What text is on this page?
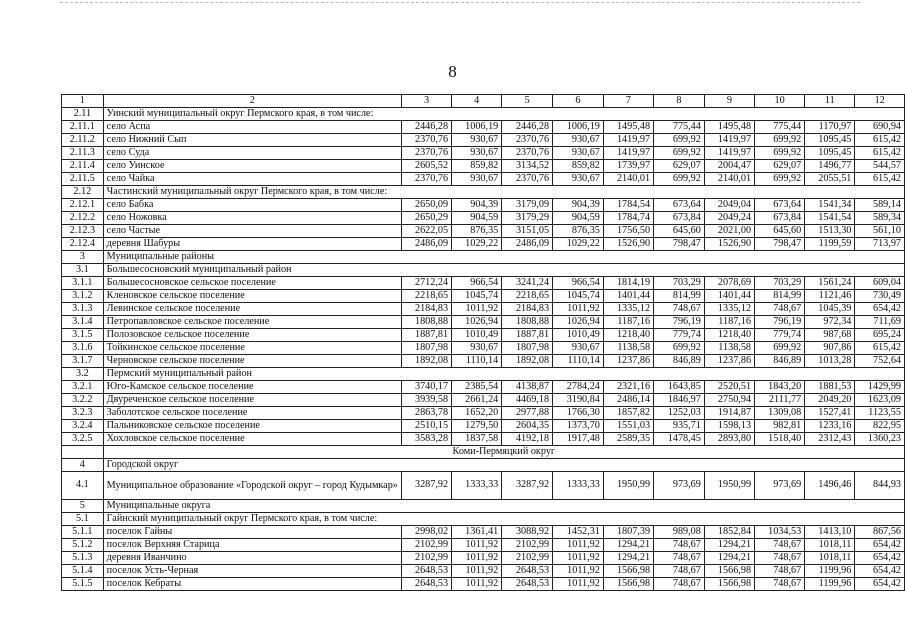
8
1	2	3	4	5	6	7	8	9	10	11	12
2.11	Уинский муниципальный округ Пермского края, в том числе:										
2.11.1	село Аспа	2446,28	1006,19	2446,28	1006,19	1495,48	775,44	1495,48	775,44	1170,97	690,94
2.11.2	село Нижний Сып	2370,76	930,67	2370,76	930,67	1419,97	699,92	1419,97	699,92	1095,45	615,42
2.11.3	село Суда	2370,76	930,67	2370,76	930,67	1419,97	699,92	1419,97	699,92	1095,45	615,42
2.11.4	село Уинское	2605,52	859,82	3134,52	859,82	1739,97	629,07	2004,47	629,07	1496,77	544,57
2.11.5	село Чайка	2370,76	930,67	2370,76	930,67	2140,01	699,92	2140,01	699,92	2055,51	615,42
2.12	Частинский муниципальный округ Пермского края, в том числе:										
2.12.1	село Бабка	2650,09	904,39	3179,09	904,39	1784,54	673,64	2049,04	673,64	1541,34	589,14
2.12.2	село Ножовка	2650,29	904,59	3179,29	904,59	1784,74	673,84	2049,24	673,84	1541,54	589,34
2.12.3	село Частые	2622,05	876,35	3151,05	876,35	1756,50	645,60	2021,00	645,60	1513,30	561,10
2.12.4	деревня Шабуры	2486,09	1029,22	2486,09	1029,22	1526,90	798,47	1526,90	798,47	1199,59	713,97
3	Муниципальные районы										
3.1	Большесосновский муниципальный район										
3.1.1	Большесосновское сельское поселение	2712,24	966,54	3241,24	966,54	1814,19	703,29	2078,69	703,29	1561,24	609,04
3.1.2	Кленовское сельское поселение	2218,65	1045,74	2218,65	1045,74	1401,44	814,99	1401,44	814,99	1121,46	730,49
3.1.3	Левинское сельское поселение	2184,83	1011,92	2184,83	1011,92	1335,12	748,67	1335,12	748,67	1045,39	654,42
3.1.4	Петропавловское сельское поселение	1808,88	1026,94	1808,88	1026,94	1187,16	796,19	1187,16	796,19	972,34	711,69
3.1.5	Полозовское сельское поселение	1887,81	1010,49	1887,81	1010,49	1218,40	779,74	1218,40	779,74	987,68	695,24
3.1.6	Тойкинское сельское поселение	1807,98	930,67	1807,98	930,67	1138,58	699,92	1138,58	699,92	907,86	615,42
3.1.7	Черновское сельское поселение	1892,08	1110,14	1892,08	1110,14	1237,86	846,89	1237,86	846,89	1013,28	752,64
3.2	Пермский муниципальный район										
3.2.1	Юго-Камское сельское поселение	3740,17	2385,54	4138,87	2784,24	2321,16	1643,85	2520,51	1843,20	1881,53	1429,99
3.2.2	Двуреченское сельское поселение	3939,58	2661,24	4469,18	3190,84	2486,14	1846,97	2750,94	2111,77	2049,20	1623,09
3.2.3	Заболотское сельское поселение	2863,78	1652,20	2977,88	1766,30	1857,82	1252,03	1914,87	1309,08	1527,41	1123,55
3.2.4	Пальниковское сельское поселение	2510,15	1279,50	2604,35	1373,70	1551,03	935,71	1598,13	982,81	1233,16	822,95
3.2.5	Хохловское сельское поселение	3583,28	1837,58	4192,18	1917,48	2589,35	1478,45	2893,80	1518,40	2312,43	1360,23
	Коми-Пермяцкий округ										
4	Городской округ										
4.1	Муниципальное образование «Городской округ – город Кудымкар»	3287,92	1333,33	3287,92	1333,33	1950,99	973,69	1950,99	973,69	1496,46	844,93
5	Муниципальные округа										
5.1	Гайнский муниципальный округ Пермского края, в том числе:										
5.1.1	поселок Гайны	2998,02	1361,41	3088,92	1452,31	1807,39	989,08	1852,84	1034,53	1413,10	867,56
5.1.2	поселок Верхняя Старица	2102,99	1011,92	2102,99	1011,92	1294,21	748,67	1294,21	748,67	1018,11	654,42
5.1.3	деревня Иванчино	2102,99	1011,92	2102,99	1011,92	1294,21	748,67	1294,21	748,67	1018,11	654,42
5.1.4	поселок Усть-Черная	2648,53	1011,92	2648,53	1011,92	1566,98	748,67	1566,98	748,67	1199,96	654,42
5.1.5	поселок Кебраты	2648,53	1011,92	2648,53	1011,92	1566,98	748,67	1566,98	748,67	1199,96	654,42
